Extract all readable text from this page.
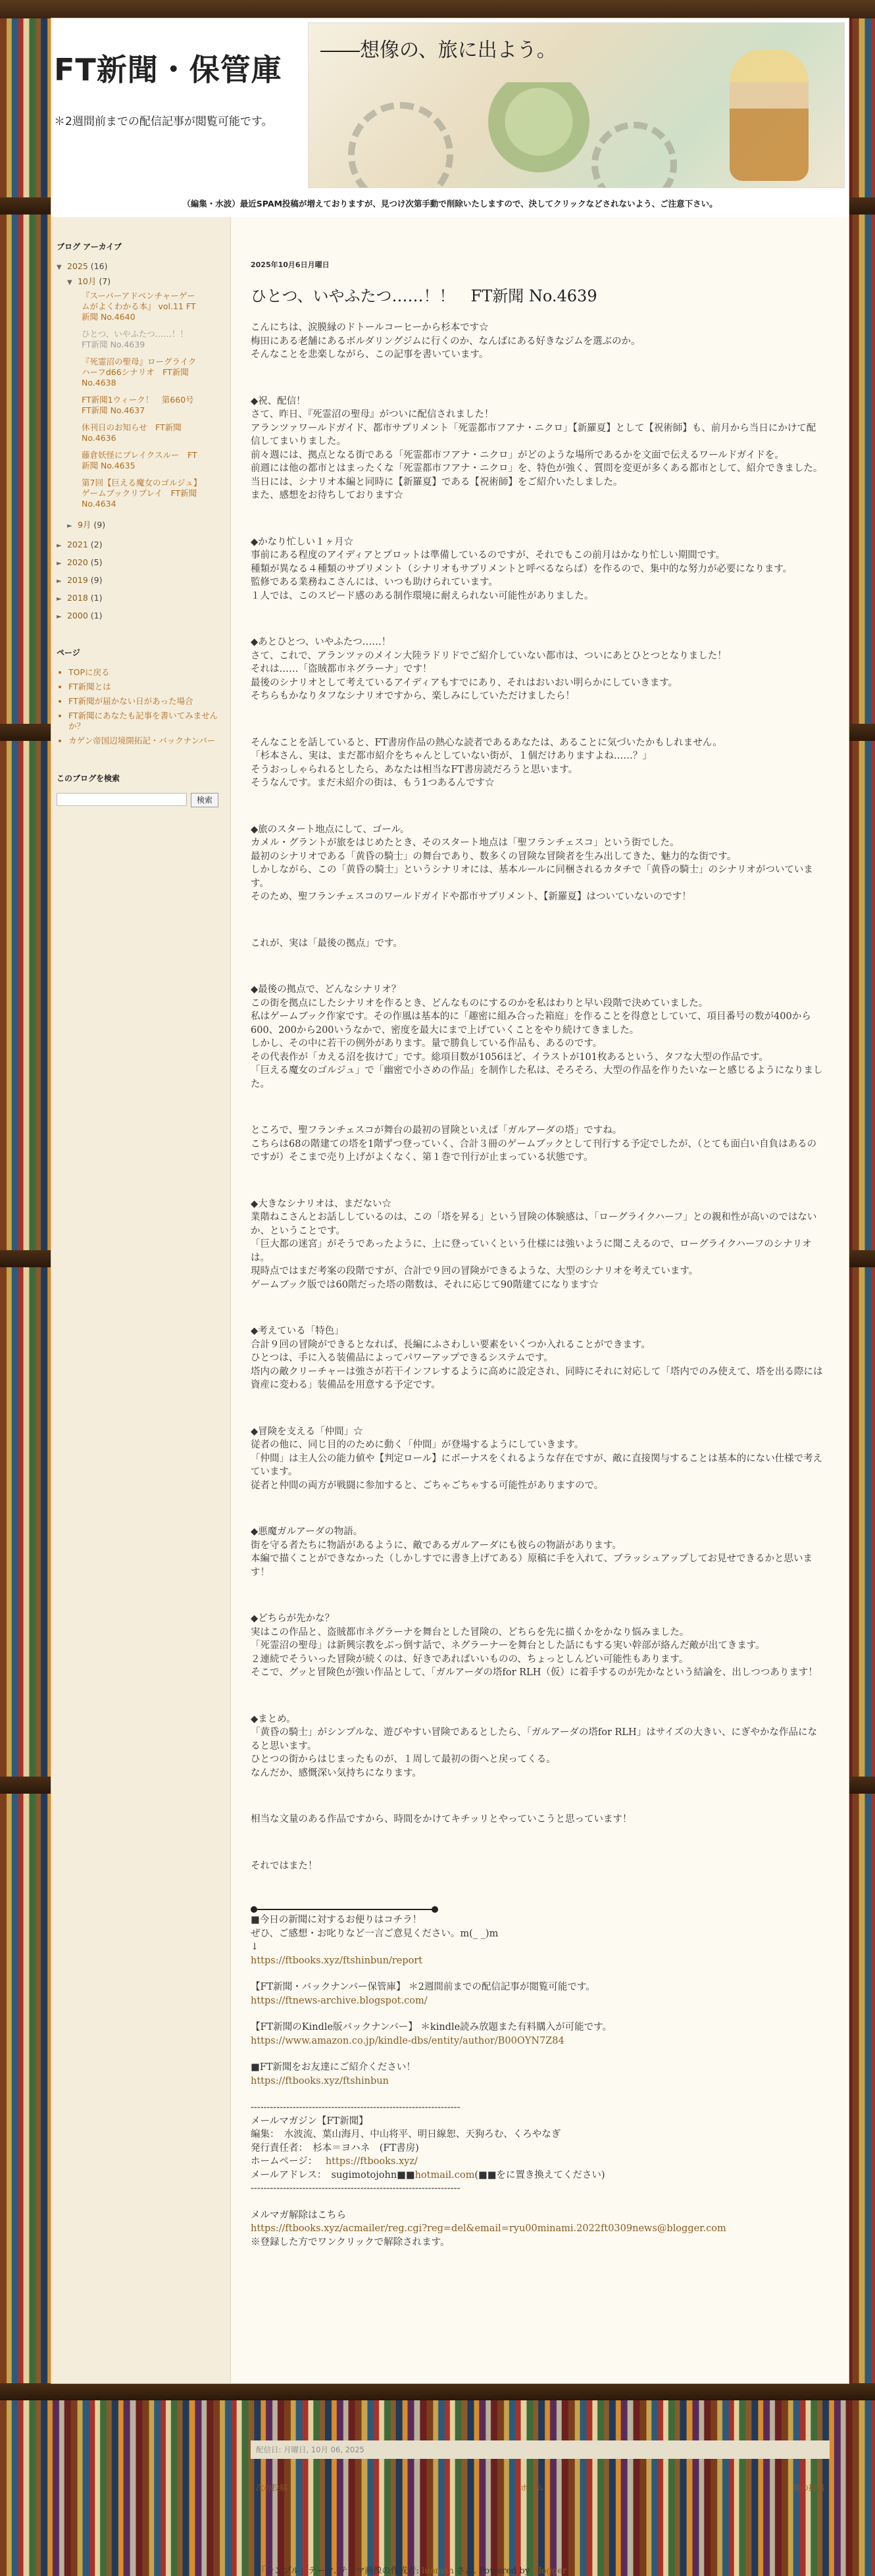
FT新聞・保管庫
＊2週間前までの配信記事が閲覧可能です。
――想像の、旅に出よう。
（編集・水波）最近SPAM投稿が増えておりますが、見つけ次第手動で削除いたしますので、決してクリックなどされないよう、ご注意下さい。
ブログ アーカイブ
▼ 2025 (16)
▼ 10月 (7)
『スーパーアドベンチャーゲームがよくわかる本』 vol.11 FT新聞 No.4640
ひとつ、いやふたつ……！！　FT新聞 No.4639
『死霊沼の聖母』ローグライクハーフd66シナリオ　FT新聞 No.4638
FT新聞1ウィーク！　第660号 FT新聞 No.4637
休刊日のお知らせ　FT新聞 No.4636
藤倉妖怪にブレイクスルー　FT新聞 No.4635
第7回【巨える魔女のゴルジュ】ゲームブックリプレイ　FT新聞 No.4634
► 9月 (9)
► 2021 (2)
► 2020 (5)
► 2019 (9)
► 2018 (1)
► 2000 (1)
ページ
• TOPに戻る
• FT新聞とは
• FT新聞が届かない日があった場合
• FT新聞にあなたも記事を書いてみませんか？
• カゲン帝国辺境開拓記・バックナンバー
このブログを検索
検索
2025年10月6日月曜日
ひとつ、いやふたつ……！！　FT新聞 No.4639

こんにちは、涙膜縁のドトールコーヒーから杉本です☆
梅田にある老舗にあるボルダリングジムに行くのか、なんばにある好きなジムを選ぶのか。
そんなことを悲楽しながら、この記事を書いています。

◆祝、配信！
さて、昨日、『死霊沼の聖母』がついに配信されました！
アランツァワールドガイド、都市サプリメント「死霊都市フアナ・ニクロ」【新羅夏】として【祝術師】も、前月から当日にかけて配信してまいりました。
前々週には、拠点となる街である「死霊都市フアナ・ニクロ」がどのような場所であるかを文面で伝えるワールドガイドを。
前週には他の都市とはまったくな「死霊都市フアナ・ニクロ」を、特色が強く、質問を変更が多くある都市として、紹介できました。
当日には、シナリオ本編と同時に【新羅夏】である【祝術師】をご紹介いたしました。
また、感想をお待ちしております☆

◆かなり忙しい１ヶ月☆
事前にある程度のアイディアとプロットは準備しているのですが、それでもこの前月はかなり忙しい期間です。
種類が異なる４種類のサプリメント（シナリオもサプリメントと呼べるならば）を作るので、集中的な努力が必要になります。
監修である業務ねこさんには、いつも助けられています。
１人では、このスピード感のある制作環境に耐えられない可能性がありました。

◆あとひとつ、いやふたつ……！
さて、これで、アランツァのメイン大陸ラドリドでご紹介していない都市は、ついにあとひとつとなりました！
それは……「盗賊都市ネグラーナ」です！
最後のシナリオとして考えているアイディアもすでにあり、それはおいおい明らかにしていきます。
そちらもかなりタフなシナリオですから、楽しみにしていただけましたら！

そんなことを話していると、FT書房作品の熱心な読者であるあなたは、あることに気づいたかもしれません。
「杉本さん、実は、まだ都市紹介をちゃんとしていない街が、１個だけありますよね……？」
そうおっしゃられるとしたら、あなたは相当なFT書房読だろうと思います。
そうなんです。まだ未紹介の街は、もう1つあるんです☆

◆旅のスタート地点にして、ゴール。
カメル・グラントが旅をはじめたとき、そのスタート地点は「聖フランチェスコ」という街でした。
最初のシナリオである「黄昏の騎士」の舞台であり、数多くの冒険な冒険者を生み出してきた、魅力的な街です。
しかしながら、この「黄昏の騎士」というシナリオには、基本ルールに同梱されるカタチで「黄昏の騎士」のシナリオがついています。
そのため、聖フランチェスコのワールドガイドや都市サプリメント、【新羅夏】はついていないのです！

これが、実は「最後の拠点」です。

◆最後の拠点で、どんなシナリオ？
この街を拠点にしたシナリオを作るとき、どんなものにするのかを私はわりと早い段階で決めていました。
私はゲームブック作家です。その作風は基本的に「趣密に組み合った箱庭」を作ることを得意としていて、項目番号の数が400から600、200から200いうなかで、密度を最大にまで上げていくことをやり続けてきました。
しかし、その中に若干の例外があります。量で勝負している作品も、あるのです。
その代表作が「カえる沼を抜けて」です。総項目数が1056ほど、イラストが101枚あるという、タフな大型の作品です。
「巨える魔女のゴルジュ」で「幽密で小さめの作品」を制作した私は、そろそろ、大型の作品を作りたいなーと感じるようになりました。

ところで、聖フランチェスコが舞台の最初の冒険といえば「ガルアーダの塔」ですね。
こちらは68の階建ての塔を1階ずつ登っていく、合計３冊のゲームブックとして刊行する予定でしたが、（とても面白い自負はあるのですが）そこまで売り上げがよくなく、第１巻で刊行が止まっている状態です。

◆大きなシナリオは、まだない☆
業階ねこさんとお話ししているのは、この「塔を昇る」という冒険の体験感は、「ローグライクハーフ」との親和性が高いのではないか、ということです。
「巨大都の迷宮」がそうであったように、上に登っていくという仕様には強いように聞こえるので、ローグライクハーフのシナリオは。
現時点ではまだ考案の段階ですが、合計で９回の冒険ができるような、大型のシナリオを考えています。
ゲームブック版では60階だった塔の階数は、それに応じて90階建てになります☆

◆考えている「特色」
合計９回の冒険ができるとなれば、長編にふさわしい要素をいくつか入れることができます。
ひとつは、手に入る装備品によってパワーアップできるシステムです。
塔内の敵クリーチャーは強さが若干インフレするように高めに設定され、同時にそれに対応して「塔内でのみ使えて、塔を出る際には資産に変わる」装備品を用意する予定です。

◆冒険を支える「仲間」☆
従者の他に、同じ目的のために動く「仲間」が登場するようにしていきます。
「仲間」は主人公の能力値や【判定ロール】にボーナスをくれるような存在ですが、敵に直接関与することは基本的にない仕様で考えています。
従者と仲間の両方が戦闘に参加すると、ごちゃごちゃする可能性がありますので。

◆悪魔ガルアーダの物語。
街を守る者たちに物語があるように、敵であるガルアーダにも彼らの物語があります。
本編で描くことができなかった（しかしすでに書き上げてある）原稿に手を入れて、ブラッシュアップしてお見せできるかと思います！

◆どちらが先かな？
実はこの作品と、盗賊都市ネグラーナを舞台とした冒険の、どちらを先に描くかをかなり悩みました。
「死霊沼の聖母」は新興宗教をぶっ倒す話で、ネグラーナーを舞台とした話にもする実い幹部が絡んだ敵が出てきます。
２連続でそういった冒険が続くのは、好きであればいいものの、ちょっとしんどい可能性もあります。
そこで、グッと冒険色が強い作品として、「ガルアーダの塔for RLH（仮）に着手するのが先かなという結論を、出しつつあります！

◆まとめ。
「黄昏の騎士」がシンプルな、遊びやすい冒険であるとしたら、「ガルアーダの塔for RLH」はサイズの大きい、にぎやかな作品になると思います。
ひとつの街からはじまったものが、１周して最初の街へと戻ってくる。
なんだか、感慨深い気持ちになります。

相当な文量のある作品ですから、時間をかけてキチッリとやっていこうと思っています！

それではまた！

■今日の新聞に対するお便りはコチラ！
ぜひ、ご感想・お叱りなど一言ご意見ください。m(_ _)m
↓

https://ftbooks.xyz/ftshinbun/report

【FT新聞・バックナンバー保管庫】 ＊2週間前までの配信記事が閲覧可能です。

https://ftnews-archive.blogspot.com/

【FT新聞のKindle版バックナンバー】 ＊kindle読み放題また有料購入が可能です。

https://www.amazon.co.jp/kindle-dbs/entity/author/B00OYN7Z84

■FT新聞をお友達にご紹介ください！

https://ftbooks.xyz/ftshinbun

-----------------------------------------------------------------

メールマガジン【FT新聞】
編集：　水波流、葉山海月、中山将平、明日線恕、天狗ろむ、くろやなぎ
発行責任者：　杉本＝ヨハネ　(FT書房)
ホームページ： https://ftbooks.xyz/

メールアドレス：　sugimotojohn■■hotmail.com(■■をに置き換えてください)

-----------------------------------------------------------------

メルマガ解除はこちら

https://ftbooks.xyz/acmailer/reg.cgi?reg=del&email=ryu00minami.2022ft0309news@blogger.com

※登録した方でワンクリックで解除されます。

配信日: 月曜日, 10月 06, 2025
次の投稿	ホーム	前の投稿
「シンプル」テーマ. テーマ画像の作成者: luoman さん. Powered by Blogger.
